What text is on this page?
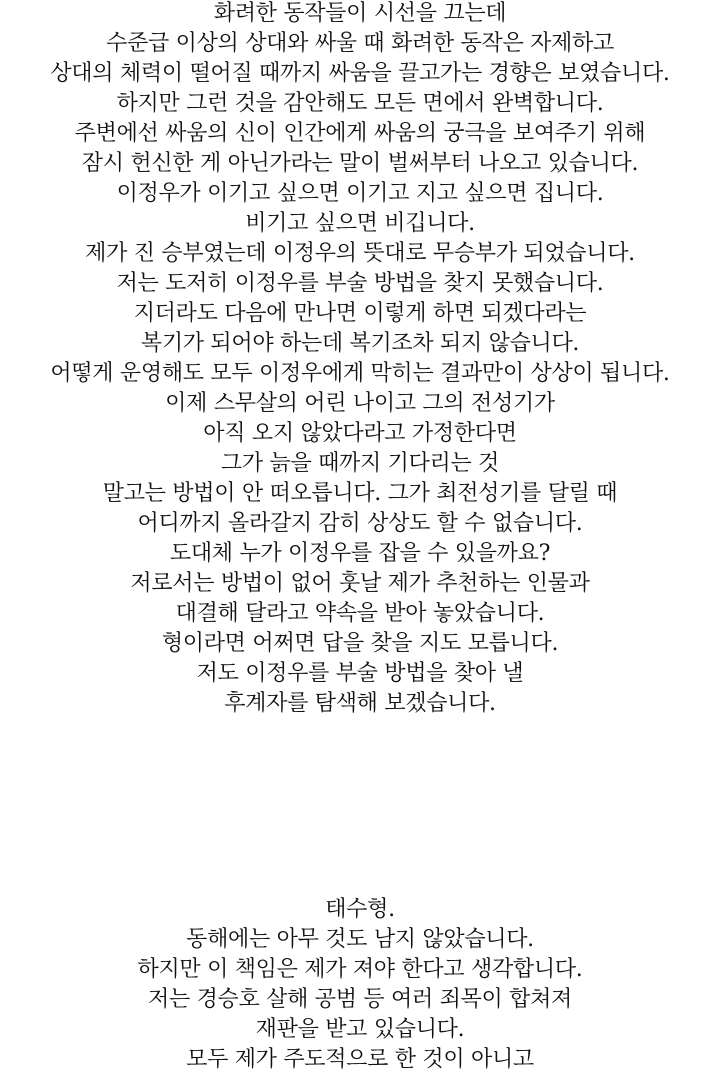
화려한 동작들이 시선을 끄는데
수준급 이상의 상대와 싸울 때 화려한 동작은 자제하고
상대의 체력이 떨어질 때까지 싸움을 끌고가는 경향은 보였습니다.
하지만 그런 것을 감안해도 모든 면에서 완벽합니다.
주변에선 싸움의 신이 인간에게 싸움의 궁극을 보여주기 위해
잠시 헌신한 게 아닌가라는 말이 벌써부터 나오고 있습니다.
이정우가 이기고 싶으면 이기고 지고 싶으면 집니다.
비기고 싶으면 비깁니다.
제가 진 승부였는데 이정우의 뜻대로 무승부가 되었습니다.
저는 도저히 이정우를 부술 방법을 찾지 못했습니다.
지더라도 다음에 만나면 이렇게 하면 되겠다라는
복기가 되어야 하는데 복기조차 되지 않습니다.
어떻게 운영해도 모두 이정우에게 막히는 결과만이 상상이 됩니다.
이제 스무살의 어린 나이고 그의 전성기가
아직 오지 않았다라고 가정한다면
그가 늙을 때까지 기다리는 것
말고는 방법이 안 떠오릅니다. 그가 최전성기를 달릴 때
어디까지 올라갈지 감히 상상도 할 수 없습니다.
도대체 누가 이정우를 잡을 수 있을까요?
저로서는 방법이 없어 훗날 제가 추천하는 인물과
대결해 달라고 약속을 받아 놓았습니다.
형이라면 어쩌면 답을 찾을 지도 모릅니다.
저도 이정우를 부술 방법을 찾아 낼
후계자를 탐색해 보겠습니다.
태수형.
동해에는 아무 것도 남지 않았습니다.
하지만 이 책임은 제가 져야 한다고 생각합니다.
저는 경승호 살해 공범 등 여러 죄목이 합쳐져
재판을 받고 있습니다.
모두 제가 주도적으로 한 것이 아니고
